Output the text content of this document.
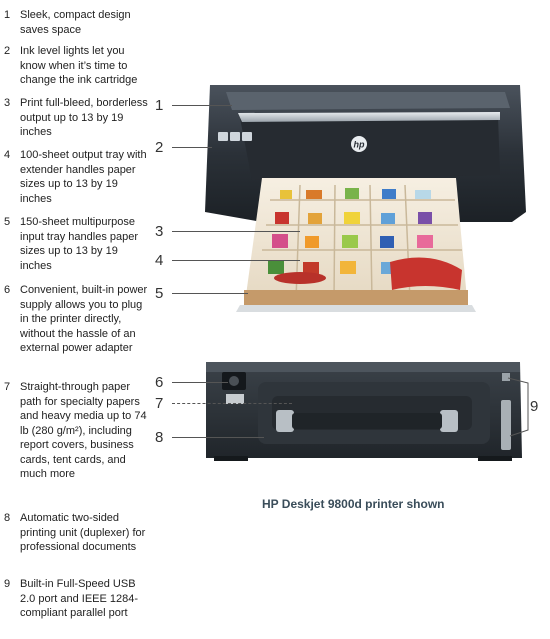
1 Sleek, compact design saves space
2 Ink level lights let you know when it’s time to change the ink cartridge
3 Print full-bleed, borderless output up to 13 by 19 inches
4 100-sheet output tray with extender handles paper sizes up to 13 by 19 inches
5 150-sheet multipurpose input tray handles paper sizes up to 13 by 19 inches
6 Convenient, built-in power supply allows you to plug in the printer directly, without the hassle of an external power adapter
7 Straight-through paper path for specialty papers and heavy media up to 74 lb (280 g/m²), including report covers, business cards, tent cards, and much more
8 Automatic two-sided printing unit (duplexer) for professional documents
9 Built-in Full-Speed USB 2.0 port and IEEE 1284-compliant parallel port
hp
1
2
3
4
5
6
7
8
9
HP Deskjet 9800d printer shown
